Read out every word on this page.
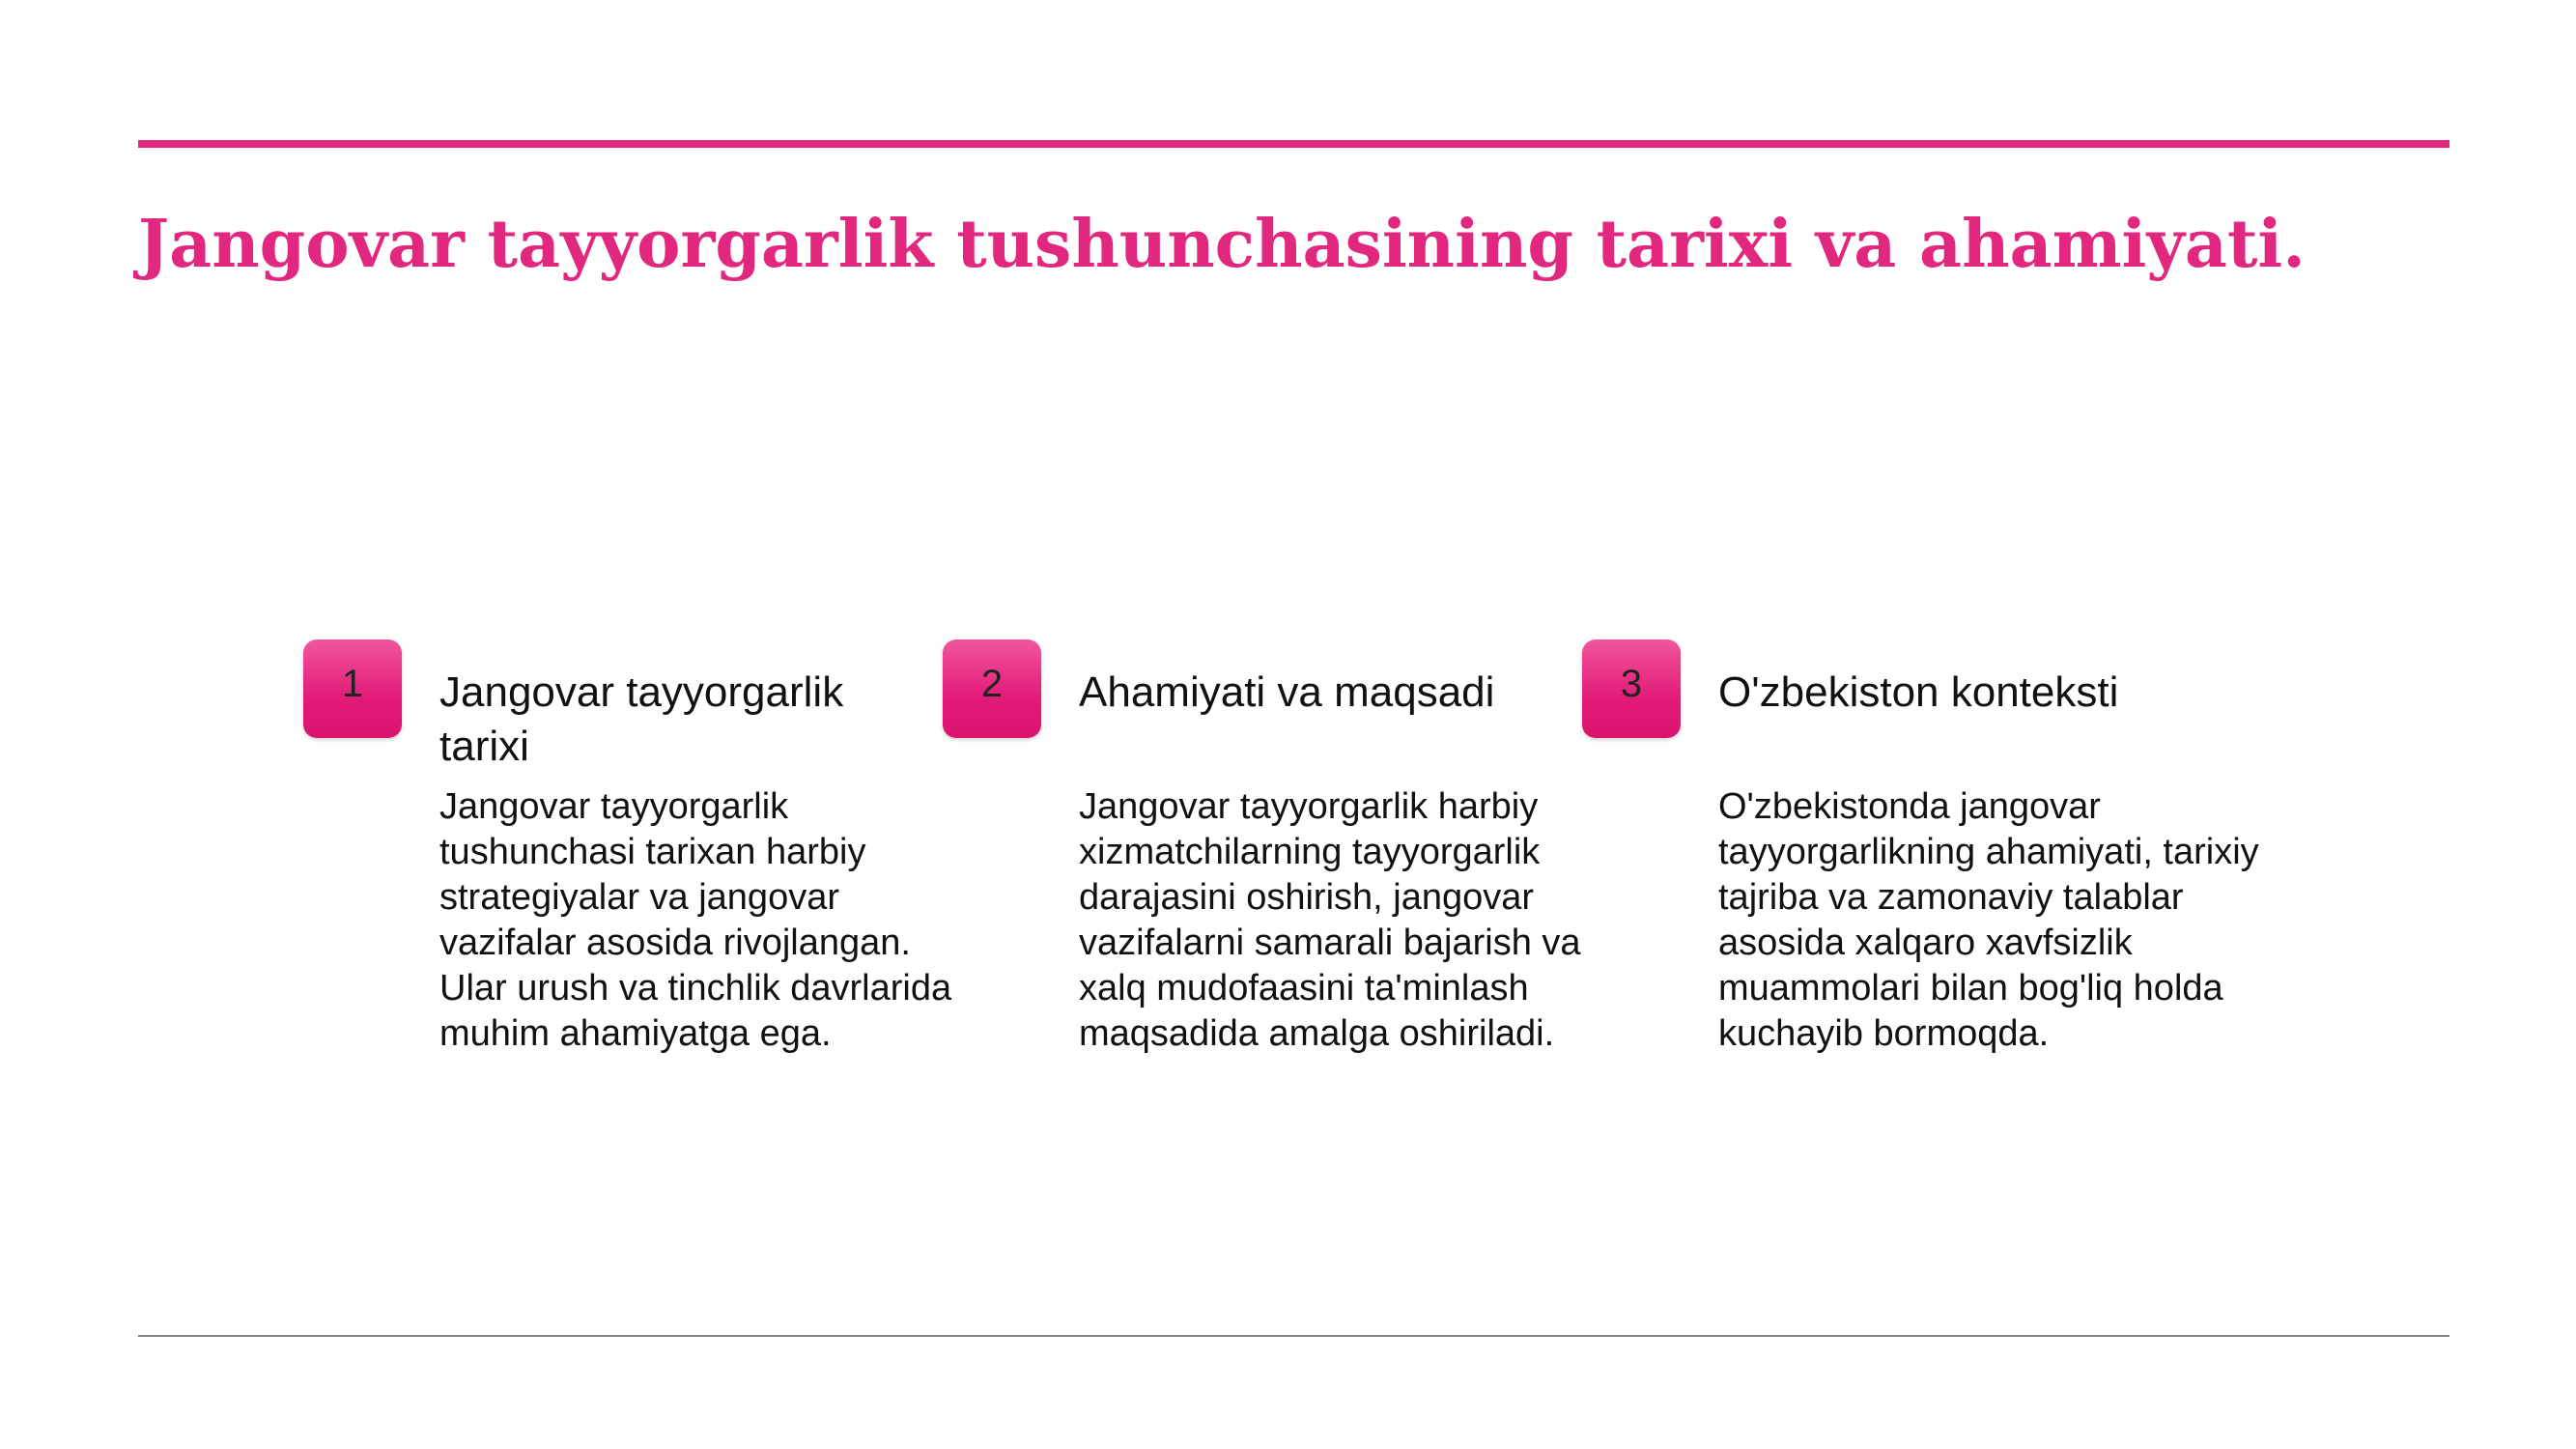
Jangovar tayyorgarlik tushunchasining tarixi va ahamiyati.
1	Jangovar tayyorgarlik tarixi

Jangovar tayyorgarlik tushunchasi tarixan harbiy strategiyalar va jangovar vazifalar asosida rivojlangan. Ular urush va tinchlik davrlarida muhim ahamiyatga ega.

2	Ahamiyati va maqsadi

Jangovar tayyorgarlik harbiy xizmatchilarning tayyorgarlik darajasini oshirish, jangovar vazifalarni samarali bajarish va xalq mudofaasini ta'minlash maqsadida amalga oshiriladi.

3	O'zbekiston konteksti

O'zbekistonda jangovar tayyorgarlikning ahamiyati, tarixiy tajriba va zamonaviy talablar asosida xalqaro xavfsizlik muammolari bilan bog'liq holda kuchayib bormoqda.
